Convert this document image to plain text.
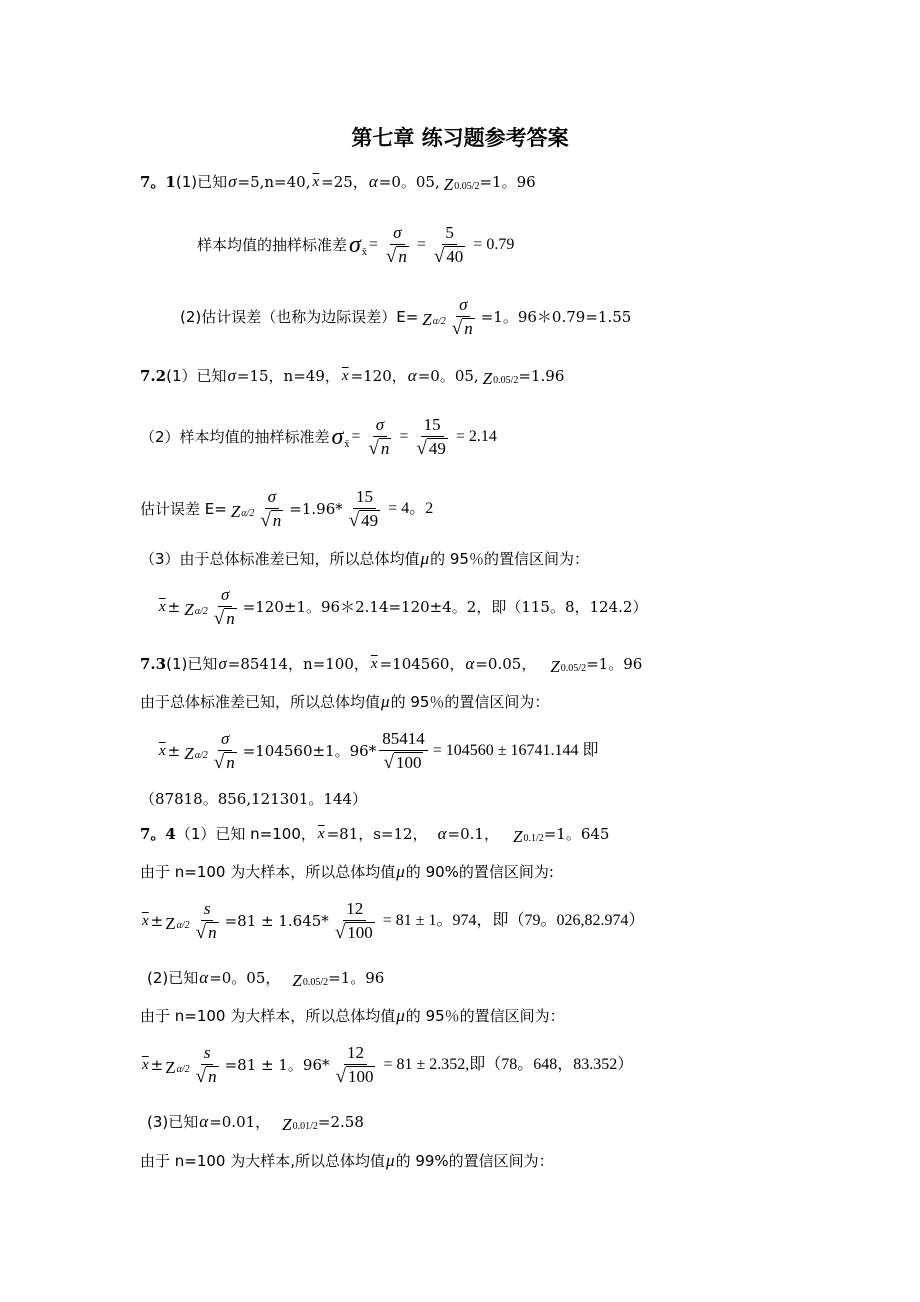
第七章 练习题参考答案
7。1 (1)已知 σ =5,n=40, $\overline{x} =25$， α =0。05, Z 0.05/2 =1。96
样本均值的抽样标准差 σ x̄ = $\frac{\sigma}{√ n} = \frac{5}{√ 40} = 0.79$
(2)估计误差（也称为边际误差）E= Z $\alpha/2 \frac{\sigma}{√ n} =1$。96＊0.79=1.55
7.2 (1）已知 σ =15，n=49， $\overline{x} =120$， α =0。05, Z 0.05/2 =1.96
（2）样本均值的抽样标准差 σ x̄ = $\frac{\sigma}{√ n} = \frac{15}{√ 49} = 2.14$
估计误差 E= Z $\alpha/2 \frac{\sigma}{√ n} =1.96* \frac{15}{√ 49} = 4$。2
（3）由于总体标准差已知，所以总体均值 μ 的 95％的置信区间为：
$\overline{x} \pm Z$ $\alpha/2 \frac{\sigma}{√ n} =120\pm 1$。96＊2.14=120±4。2，即（115。8，124.2）
7.3 (1)已知 σ =85414，n=100， $\overline{x} =104560$， α =0.05， Z 0.05/2 =1。96
由于总体标准差已知，所以总体均值 μ 的 95％的置信区间为：
$\overline{x} \pm Z$ $\alpha/2 \frac{\sigma}{√ n} =104560\pm 1$。$96* \frac{85414}{√ 100} = 104560 \pm 16741.144$ 即
（87818。856,121301。144）
7。4 （1）已知 n=100， $\overline{x} =81$，s=12， α =0.1， Z 0.1/2 =1。645
由于 n=100 为大样本，所以总体均值 μ 的 90%的置信区间为:
$\overline{x} \pm Z$ $\alpha/2 \frac{s}{√ n} =81 \pm 1.645* \frac{12}{√ 100} = 81 \pm 1$。974，即（79。026,82.974）
(2)已知 α =0。05， Z 0.05/2 =1。96
由于 n=100 为大样本，所以总体均值 μ 的 95％的置信区间为：
$\overline{x} \pm Z$ $\alpha/2 \frac{s}{√ n} =81 \pm 1$。$96* \frac{12}{√ 100} = 81 \pm 2.352$,即（78。648，83.352）
(3)已知 α =0.01， Z 0.01/2 =2.58
由于 n=100 为大样本,所以总体均值 μ 的 99%的置信区间为：
